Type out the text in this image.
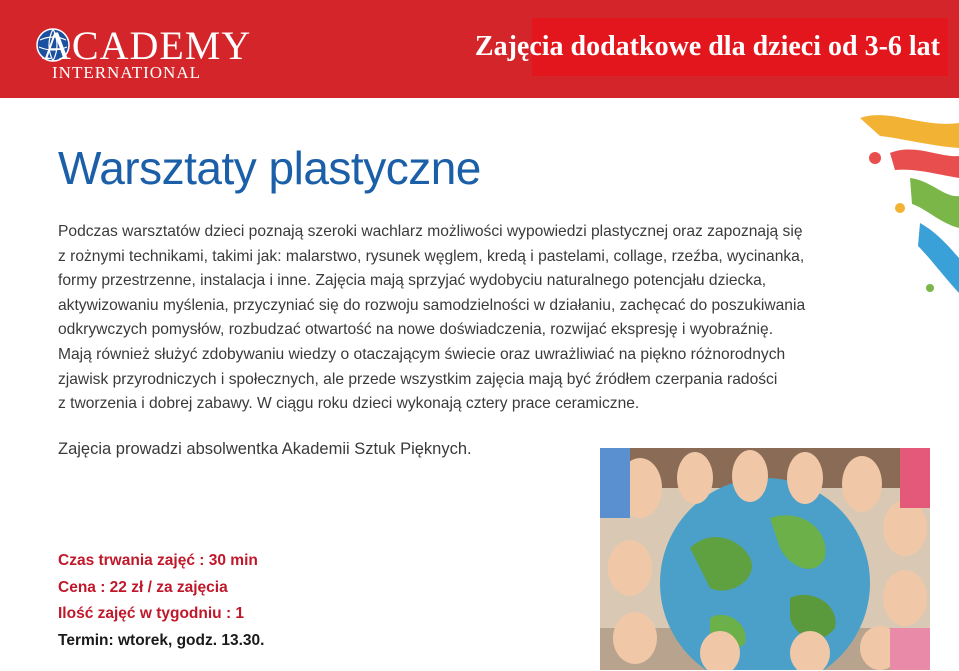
ACADEMY
INTERNATIONAL
Zajęcia dodatkowe dla dzieci od 3-6 lat
Warsztaty plastyczne

Podczas warsztatów dzieci poznają szeroki wachlarz możliwości wypowiedzi plastycznej oraz zapoznają się

z rożnymi technikami, takimi jak: malarstwo, rysunek węglem, kredą i pastelami, collage, rzeźba, wycinanka,

formy przestrzenne, instalacja i inne. Zajęcia mają sprzyjać wydobyciu naturalnego potencjału dziecka,

aktywizowaniu myślenia, przyczyniać się do rozwoju samodzielności w działaniu, zachęcać do poszukiwania

odkrywczych pomysłów, rozbudzać otwartość na nowe doświadczenia, rozwijać ekspresję i wyobraźnię.

Mają również służyć zdobywaniu wiedzy o otaczającym świecie oraz uwrażliwiać na piękno różnorodnych

zjawisk przyrodniczych i społecznych, ale przede wszystkim zajęcia mają być źródłem czerpania radości

z tworzenia i dobrej zabawy. W ciągu roku dzieci wykonają cztery prace ceramiczne.

Zajęcia prowadzi absolwentka Akademii Sztuk Pięknych.
Czas trwania zajęć : 30 min
Cena : 22 zł / za zajęcia
Ilość zajęć w tygodniu : 1
Termin: wtorek, godz. 13.30.
